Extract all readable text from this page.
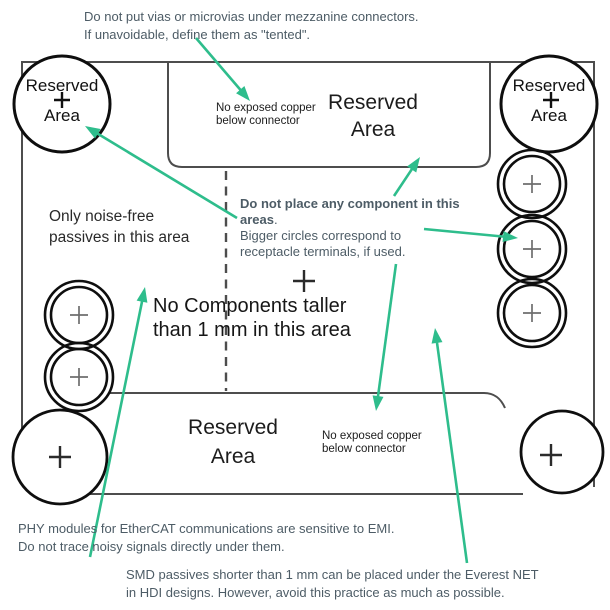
Do not put vias or microvias under mezzanine connectors.
If unavoidable, define them as "tented".
Reserved
Area
Reserved
Area
No exposed copper
below connector
Reserved
Area
Only noise-free
passives in this area
Do not place any component in this
areas.
Bigger circles correspond to
receptacle terminals, if used.
No Components taller
than 1 mm in this area
Reserved
Area
No exposed copper
below connector
PHY modules for EtherCAT communications are sensitive to EMI.
Do not trace noisy signals directly under them.
SMD passives shorter than 1 mm can be placed under the Everest NET
in HDI designs. However, avoid this practice as much as possible.
